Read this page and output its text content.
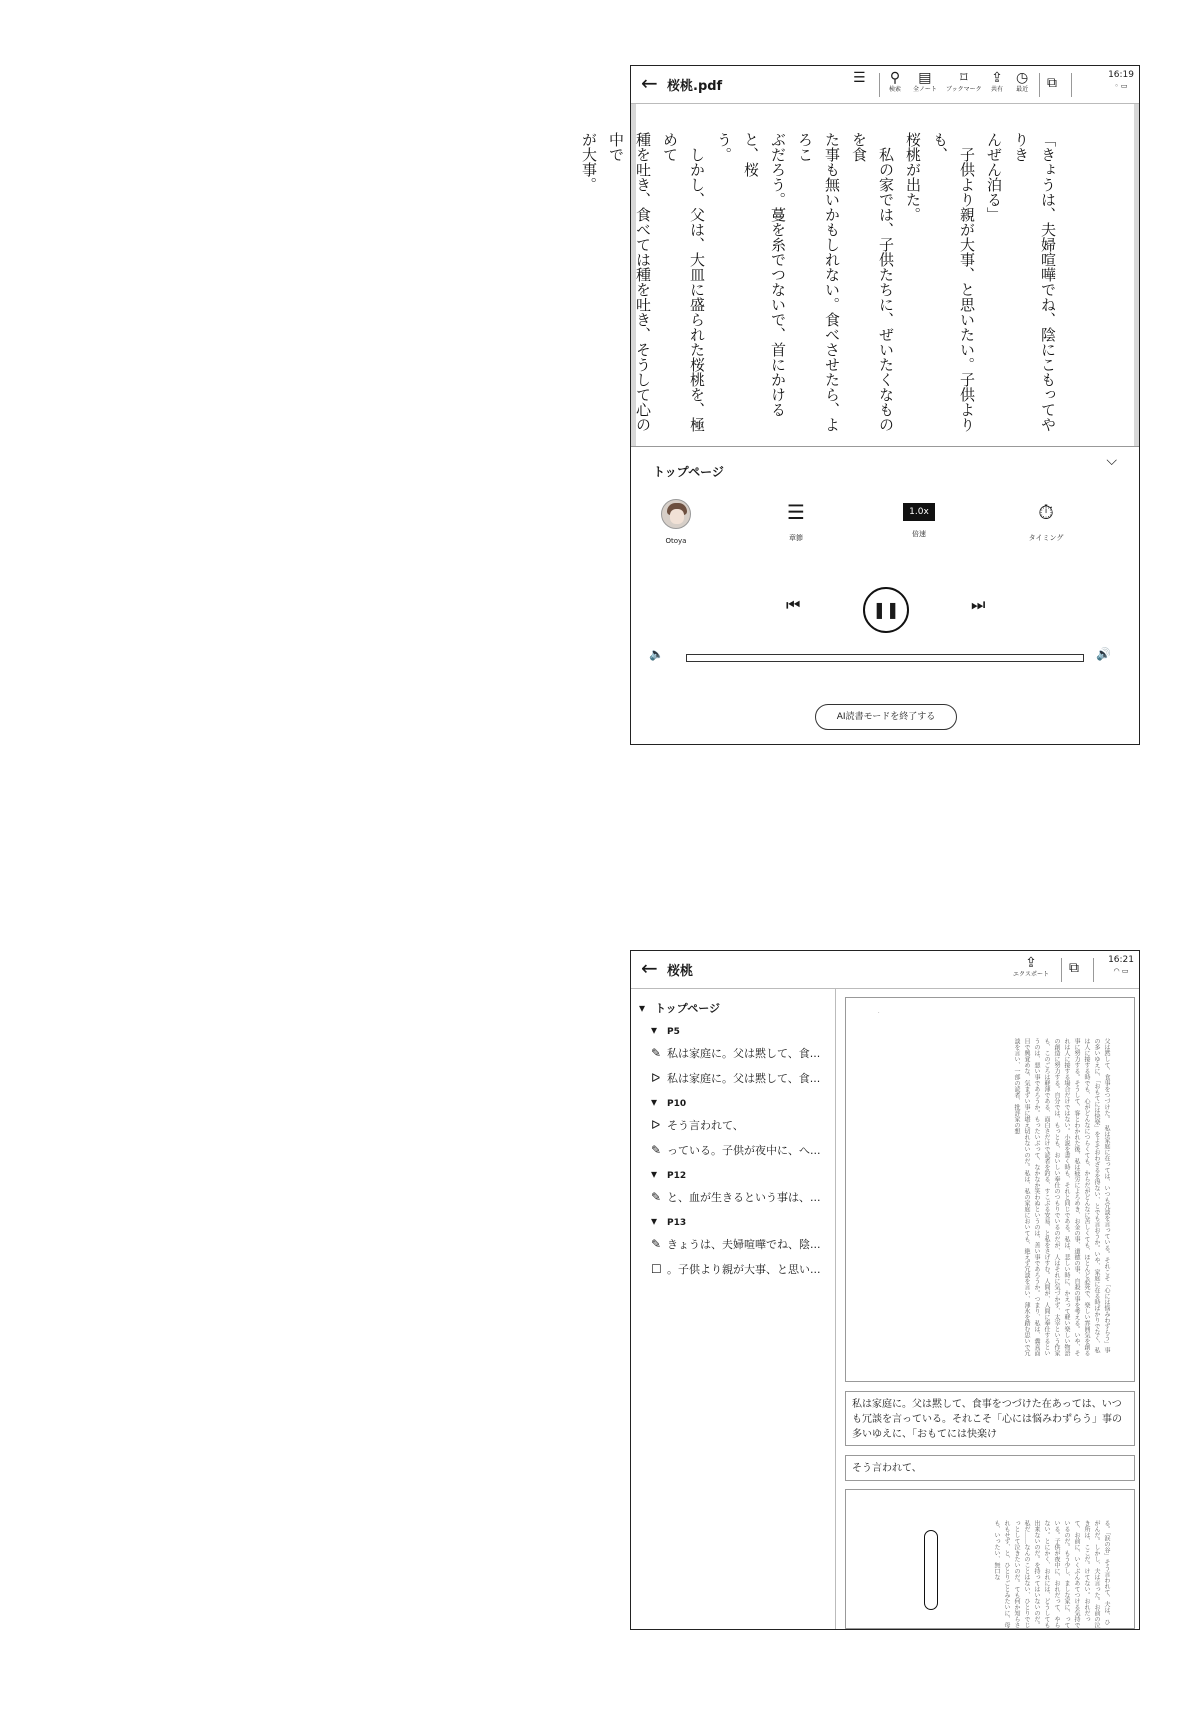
← 桜桃.pdf
☰ ⚲
検索
▤
全ノート
⌑
ブックマーク
⇪
共有
◷
最近 ⧉	16:19
◦ ▭
「きょうは、夫婦喧嘩でね、陰にこもってやりき
んぜん泊る」
　子供より親が大事、と思いたい。子供よりも、
桜桃が出た。
　私の家では、子供たちに、ぜいたくなものを食
た事も無いかもしれない。食べさせたら、よろこ
ぶだろう。蔓を糸でつないで、首にかけると、桜
う。
　しかし、父は、大皿に盛られた桜桃を、極めて
種を吐き、食べては種を吐き、そうして心の中で
が大事。
トップページ
⌵
Otoya
☰
章節
1.0x
倍速
⏱
タイミング
⏮	❚❚	⏭
🔈	🔊
AI読書モードを終了する
← 桜桃
⇪
エクスポート ⧉	16:21
◠ ▭
▾ トップページ
▾ P5
✎ 私は家庭に。父は黙して、食...
ᐅ 私は家庭に。父は黙して、食...
▾ P10
ᐅ そう言われて、
✎ っている。子供が夜中に、へ...
▾ P12
✎ と、血が生きるという事は、...
▾ P13
✎ きょうは、夫婦喧嘩でね、陰...
☐ 。子供より親が大事、と思い...
·
父は黙して、食事をつづけた。　私は家庭に在っては、いつも冗談を言っている。それこそ「心には悩みわずらう」事の多いゆえに、「おもてには快楽」をよそおわざるを得ない、とでも言おうか。いや、家庭に在る時ばかりでなく、私は人に接する時でも、心がどんなにつらくても、からだがどんなに苦しくても、ほとんど必死で、楽しい雰囲気を創る事に努力する。そうして、客とわかれた後、私は疲労によろめき、お金の事、道徳の事、自殺の事を考える。いや、それは人に接する場合だけではない。小説を書く時も、それと同じである。私は、悲しい時に、かえって軽い楽しい物語の創造に努力する。自分では、もっとも、おいしい奉仕のつもりでいるのだが、人はそれに気づかず、太宰という作家も、このごろは軽薄である、面白さだけで読者を釣る、すこぶる安易、と私をさげすむ。人間が、人間に奉仕するというのは、悪い事であろうか。もったいぶって、なかなか笑わぬというのは、善い事であろうか。つまり、私は、糞真面目で興覚めな、気まずい事に堪え切れないのだ。私は、私の家庭においても、絶えず冗談を言い、薄氷を踏む思いで冗談を言い、一部の読者、批評家の想
私は家庭に。父は黙して、食事をつづけた在あっては、いつも冗談を言っている。それこそ「心には悩みわずらう」事の多いゆえに、「おもてには快楽け
そう言われて、
る。「涙の谷」そう言われて、夫は、ひがんだ。しかし、夫は言った。お前の泣き所は、ここだ。けてない。おれだって、お前に、いくぶんあてつける気持でいるのだ。もう少し、ましな家に、っている。子供が夜中に、おれだって、やらない。とにかく、おれには、どうしても出来ないのだ。を持ってはいないのだ。私だ……なんのことはない、ひとりでじっとして泣きたいのだ。ても何か知らされもせず、と、ひとりごとみたいに、母も、いったい、無口な
